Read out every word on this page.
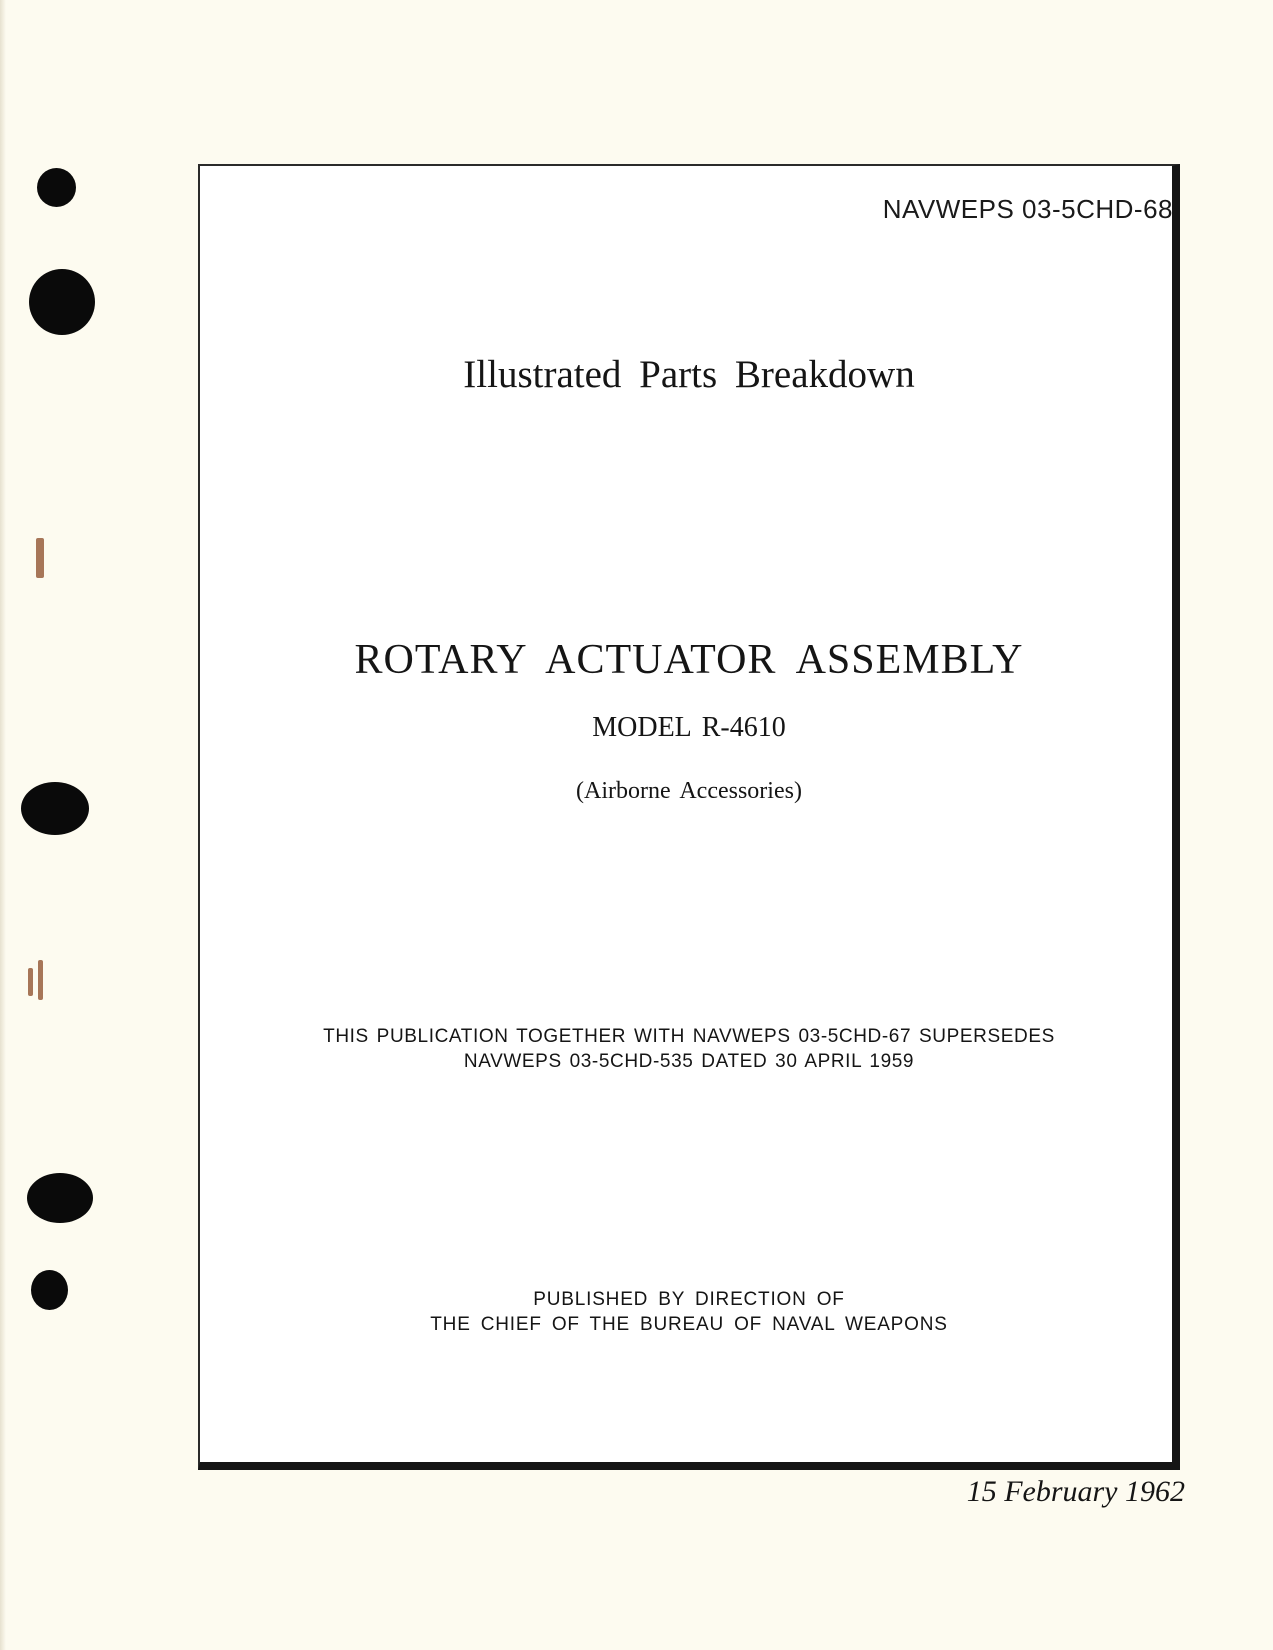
NAVWEPS 03-5CHD-68
Illustrated Parts Breakdown
ROTARY ACTUATOR ASSEMBLY
MODEL R-4610
(Airborne Accessories)
THIS PUBLICATION TOGETHER WITH NAVWEPS 03-5CHD-67 SUPERSEDES
NAVWEPS 03-5CHD-535 DATED 30 APRIL 1959
PUBLISHED BY DIRECTION OF
THE CHIEF OF THE BUREAU OF NAVAL WEAPONS
15 February 1962
